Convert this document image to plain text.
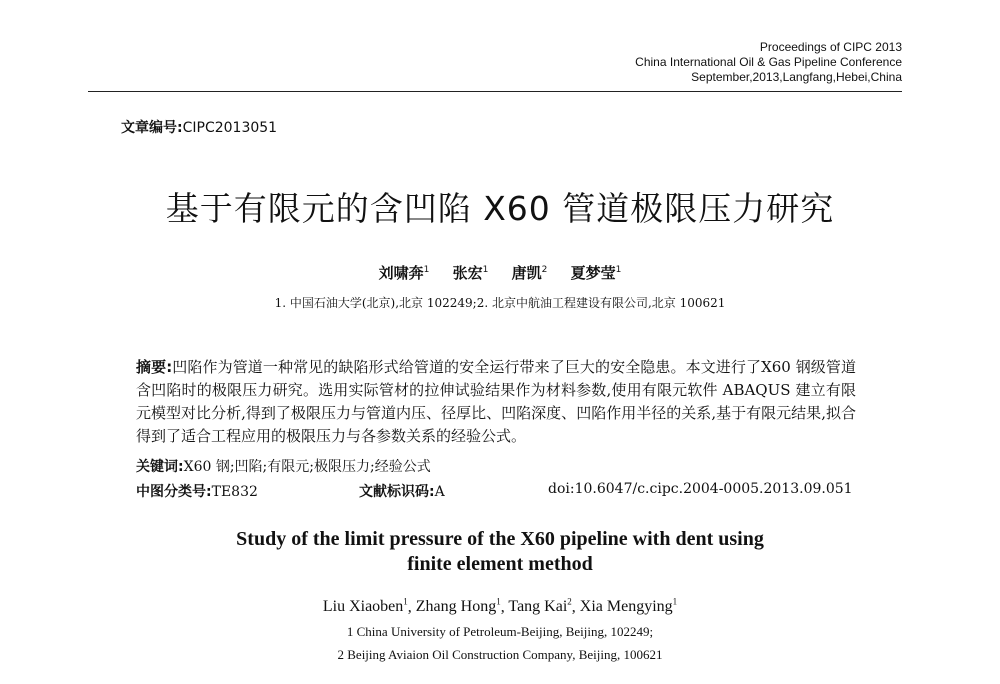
Proceedings of CIPC 2013
China International Oil & Gas Pipeline Conference
September,2013,Langfang,Hebei,China
文章编号:CIPC2013051
基于有限元的含凹陷 X60 管道极限压力研究
刘啸奔$^1$ 张宏$^1$ 唐凯$^2$ 夏梦莹$^1$
1. 中国石油大学(北京),北京 102249;2. 北京中航油工程建设有限公司,北京 100621
摘要:凹陷作为管道一种常见的缺陷形式给管道的安全运行带来了巨大的安全隐患。本文进行了X60 钢级管道含凹陷时的极限压力研究。选用实际管材的拉伸试验结果作为材料参数,使用有限元软件 ABAQUS 建立有限元模型对比分析,得到了极限压力与管道内压、径厚比、凹陷深度、凹陷作用半径的关系,基于有限元结果,拟合得到了适合工程应用的极限压力与各参数关系的经验公式。
关键词:X60 钢;凹陷;有限元;极限压力;经验公式
中图分类号:TE832	文献标识码:A	doi:10.6047/c.cipc.2004-0005.2013.09.051
Study of the limit pressure of the X60 pipeline with dent using
finite element method
Liu Xiaoben$^1$, Zhang Hong$^1$, Tang Kai$^2$, Xia Mengying$^1$
1 China University of Petroleum-Beijing, Beijing, 102249;
2 Beijing Aviaion Oil Construction Company, Beijing, 100621
